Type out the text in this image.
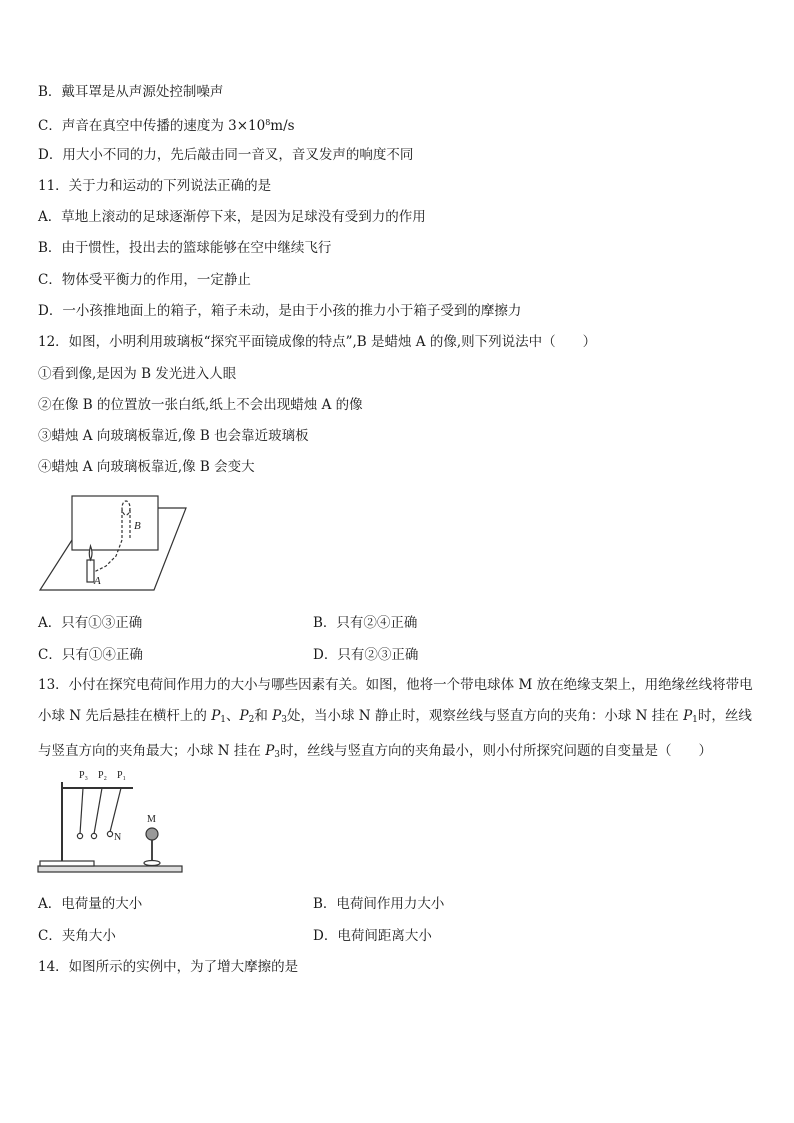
B．戴耳罩是从声源处控制噪声
C．声音在真空中传播的速度为 $3\times 10^8m/s$
D．用大小不同的力，先后敲击同一音叉，音叉发声的响度不同
11．关于力和运动的下列说法正确的是
A．草地上滚动的足球逐渐停下来，是因为足球没有受到力的作用
B．由于惯性，投出去的篮球能够在空中继续飞行
C．物体受平衡力的作用，一定静止
D．一小孩推地面上的箱子，箱子未动，是由于小孩的推力小于箱子受到的摩擦力
12．如图，小明利用玻璃板“探究平面镜成像的特点”,B 是蜡烛 A 的像,则下列说法中（　　）
①看到像,是因为 B 发光进入人眼
②在像 B 的位置放一张白纸,纸上不会出现蜡烛 A 的像
③蜡烛 A 向玻璃板靠近,像 B 也会靠近玻璃板
④蜡烛 A 向玻璃板靠近,像 B 会变大
B
A
A．只有①③正确	B．只有②④正确
C．只有①④正确	D．只有②③正确
13．小付在探究电荷间作用力的大小与哪些因素有关。如图，他将一个带电球体 M 放在绝缘支架上，用绝缘丝线将带电小球 N 先后悬挂在横杆上的 $P_1$、$P_2$和 $P_3$处，当小球 N 静止时，观察丝线与竖直方向的夹角：小球 N 挂在 $P_1$时，丝线与竖直方向的夹角最大；小球 N 挂在 $P_3$时，丝线与竖直方向的夹角最小，则小付所探究问题的自变量是（　　）
P₃ P₂ P₁
N
M
A．电荷量的大小	B．电荷间作用力大小
C．夹角大小	D．电荷间距离大小
14．如图所示的实例中，为了增大摩擦的是
